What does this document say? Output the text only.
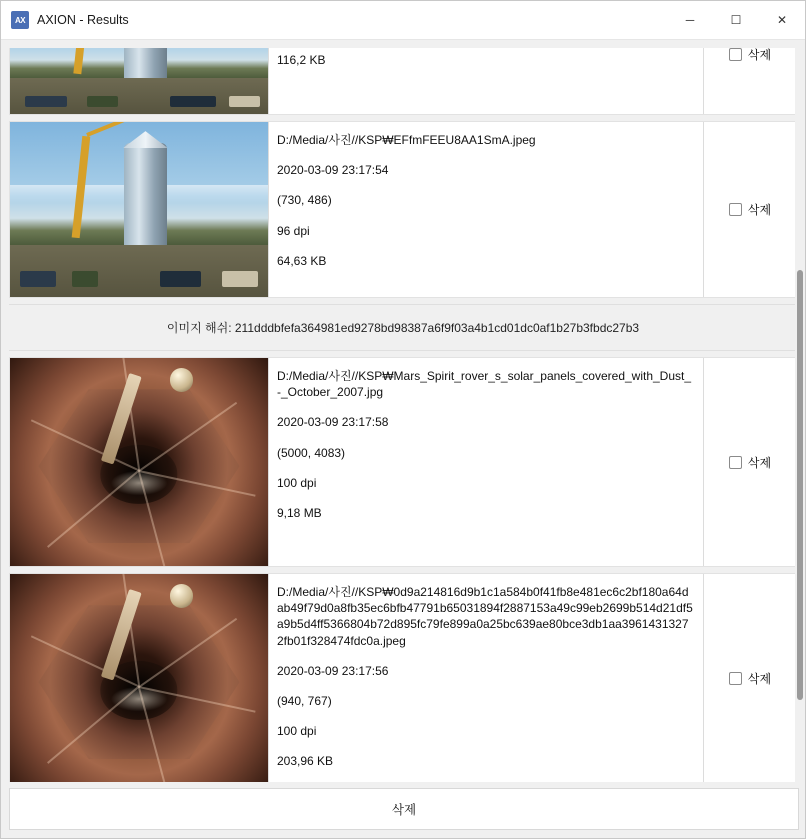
AX AXION - Results	─	☐	✕
116,2 KB	삭제
D:/Media/사진//KSP₩EFfmFEEU8AA1SmA.jpeg
2020-03-09 23:17:54
(730, 486)
96 dpi
64,63 KB
삭제
이미지 해쉬: 211dddbfefa364981ed9278bd98387a6f9f03a4b1cd01dc0af1b27b3fbdc27b3
D:/Media/사진//KSP₩Mars_Spirit_rover_s_solar_panels_covered_with_Dust_-_October_2007.jpg
2020-03-09 23:17:58
(5000, 4083)
100 dpi
9,18 MB
삭제
D:/Media/사진//KSP₩0d9a214816d9b1c1a584b0f41fb8e481ec6c2bf180a64dab49f79d0a8fb35ec6bfb47791b65031894f2887153a49c99eb2699b514d21df5a9b5d4ff5366804b72d895fc79fe899a0a25bc639ae80bce3db1aa39614313272fb01f328474fdc0a.jpeg
2020-03-09 23:17:56
(940, 767)
100 dpi
203,96 KB
삭제
삭제
